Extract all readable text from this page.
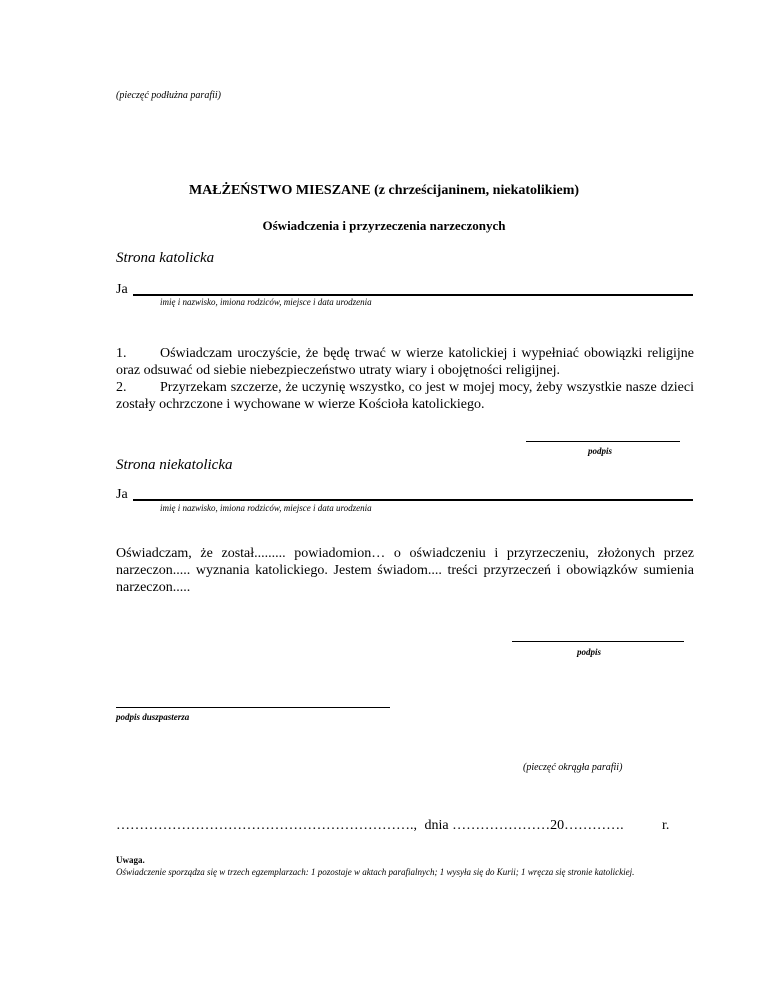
(pieczęć podłużna parafii)
MAŁŻEŃSTWO MIESZANE (z chrześcijaninem, niekatolikiem)
Oświadczenia i przyrzeczenia narzeczonych
Strona katolicka
Ja
imię i nazwisko, imiona rodziców, miejsce i data urodzenia
1. Oświadczam uroczyście, że będę trwać w wierze katolickiej i wypełniać obowiązki religijne oraz odsuwać od siebie niebezpieczeństwo utraty wiary i obojętności religijnej.
2. Przyrzekam szczerze, że uczynię wszystko, co jest w mojej mocy, żeby wszystkie nasze dzieci zostały ochrzczone i wychowane w wierze Kościoła katolickiego.
podpis
Strona niekatolicka
Ja
imię i nazwisko, imiona rodziców, miejsce i data urodzenia
Oświadczam, że został......... powiadomion… o oświadczeniu i przyrzeczeniu, złożonych przez narzeczon..... wyznania katolickiego. Jestem świadom.... treści przyrzeczeń i obowiązków sumienia narzeczon.....
podpis
podpis duszpasterza
(pieczęć okrągła parafii)
………………………………………………………., dnia …………………20………….	r.
Uwaga.
Oświadczenie sporządza się w trzech egzemplarzach: 1 pozostaje w aktach parafialnych; 1 wysyła się do Kurii; 1 wręcza się stronie katolickiej.
